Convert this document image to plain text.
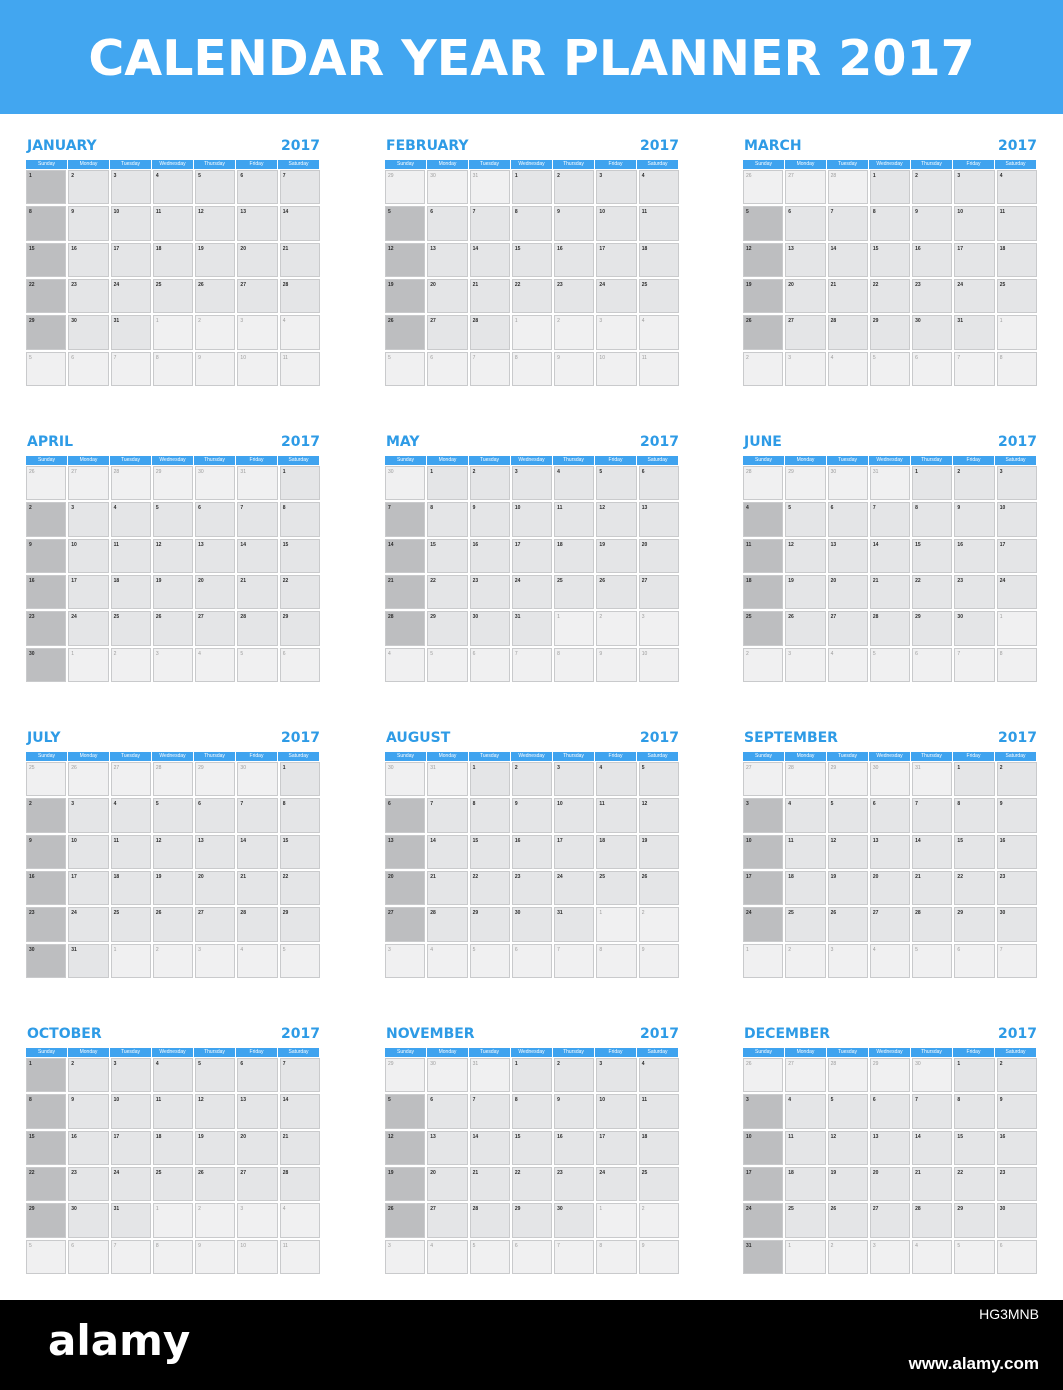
CALENDAR YEAR PLANNER 2017
JANUARY	2017
Sunday	Monday	Tuesday	Wednesday	Thursday	Friday	Saturday
1	2	3	4	5	6	7
8	9	10	11	12	13	14
15	16	17	18	19	20	21
22	23	24	25	26	27	28
29	30	31	1	2	3	4
5	6	7	8	9	10	11
FEBRUARY	2017
Sunday	Monday	Tuesday	Wednesday	Thursday	Friday	Saturday
29	30	31	1	2	3	4
5	6	7	8	9	10	11
12	13	14	15	16	17	18
19	20	21	22	23	24	25
26	27	28	1	2	3	4
5	6	7	8	9	10	11
MARCH	2017
Sunday	Monday	Tuesday	Wednesday	Thursday	Friday	Saturday
26	27	28	1	2	3	4
5	6	7	8	9	10	11
12	13	14	15	16	17	18
19	20	21	22	23	24	25
26	27	28	29	30	31	1
2	3	4	5	6	7	8
APRIL	2017
Sunday	Monday	Tuesday	Wednesday	Thursday	Friday	Saturday
26	27	28	29	30	31	1
2	3	4	5	6	7	8
9	10	11	12	13	14	15
16	17	18	19	20	21	22
23	24	25	26	27	28	29
30	1	2	3	4	5	6
MAY	2017
Sunday	Monday	Tuesday	Wednesday	Thursday	Friday	Saturday
30	1	2	3	4	5	6
7	8	9	10	11	12	13
14	15	16	17	18	19	20
21	22	23	24	25	26	27
28	29	30	31	1	2	3
4	5	6	7	8	9	10
JUNE	2017
Sunday	Monday	Tuesday	Wednesday	Thursday	Friday	Saturday
28	29	30	31	1	2	3
4	5	6	7	8	9	10
11	12	13	14	15	16	17
18	19	20	21	22	23	24
25	26	27	28	29	30	1
2	3	4	5	6	7	8
JULY	2017
Sunday	Monday	Tuesday	Wednesday	Thursday	Friday	Saturday
25	26	27	28	29	30	1
2	3	4	5	6	7	8
9	10	11	12	13	14	15
16	17	18	19	20	21	22
23	24	25	26	27	28	29
30	31	1	2	3	4	5
AUGUST	2017
Sunday	Monday	Tuesday	Wednesday	Thursday	Friday	Saturday
30	31	1	2	3	4	5
6	7	8	9	10	11	12
13	14	15	16	17	18	19
20	21	22	23	24	25	26
27	28	29	30	31	1	2
3	4	5	6	7	8	9
SEPTEMBER	2017
Sunday	Monday	Tuesday	Wednesday	Thursday	Friday	Saturday
27	28	29	30	31	1	2
3	4	5	6	7	8	9
10	11	12	13	14	15	16
17	18	19	20	21	22	23
24	25	26	27	28	29	30
1	2	3	4	5	6	7
OCTOBER	2017
Sunday	Monday	Tuesday	Wednesday	Thursday	Friday	Saturday
1	2	3	4	5	6	7
8	9	10	11	12	13	14
15	16	17	18	19	20	21
22	23	24	25	26	27	28
29	30	31	1	2	3	4
5	6	7	8	9	10	11
NOVEMBER	2017
Sunday	Monday	Tuesday	Wednesday	Thursday	Friday	Saturday
29	30	31	1	2	3	4
5	6	7	8	9	10	11
12	13	14	15	16	17	18
19	20	21	22	23	24	25
26	27	28	29	30	1	2
3	4	5	6	7	8	9
DECEMBER	2017
Sunday	Monday	Tuesday	Wednesday	Thursday	Friday	Saturday
26	27	28	29	30	1	2
3	4	5	6	7	8	9
10	11	12	13	14	15	16
17	18	19	20	21	22	23
24	25	26	27	28	29	30
31	1	2	3	4	5	6
alamy
HG3MNB
www.alamy.com
